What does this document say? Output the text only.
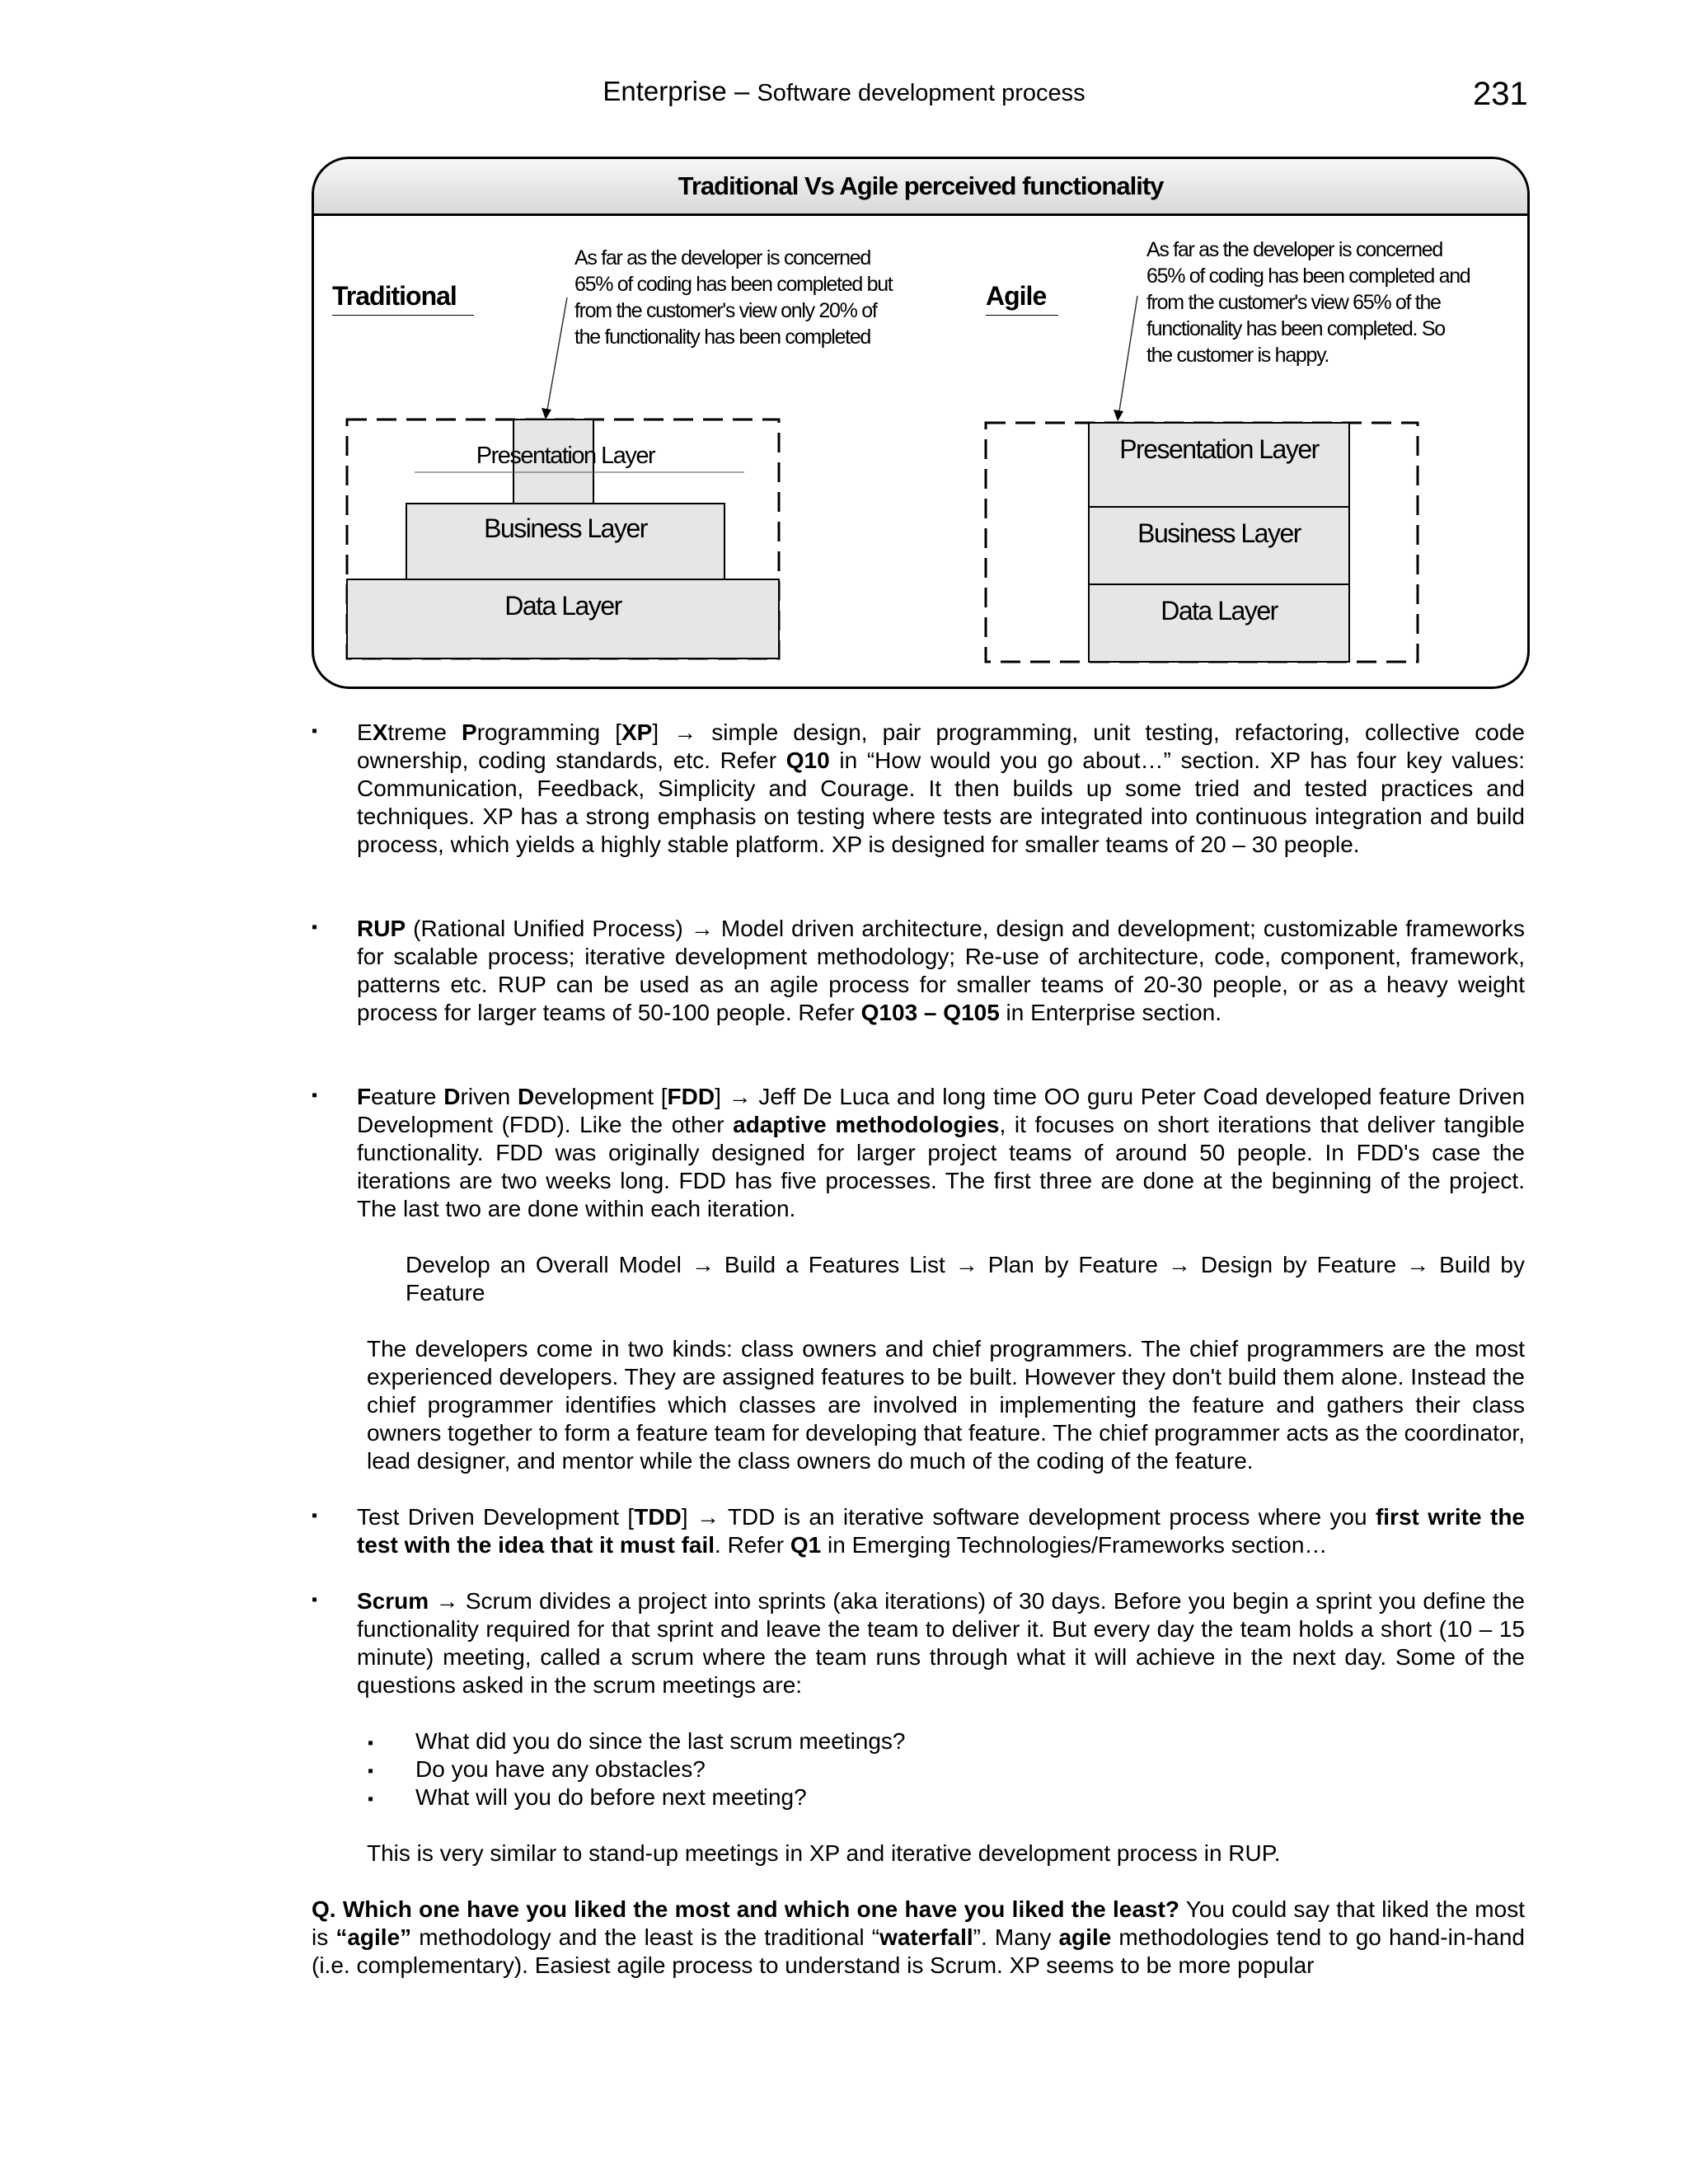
Enterprise – Software development process	231
Traditional Vs Agile perceived functionality
Traditional
As far as the developer is concerned
65% of coding has been completed but
from the customer's view only 20% of
the functionality has been completed
Presentation Layer
Business Layer
Data Layer
Agile
As far as the developer is concerned
65% of coding has been completed and
from the customer's view 65% of the
functionality has been completed. So
the customer is happy.
Presentation Layer
Business Layer
Data Layer
▪ EXtreme Programming [XP] → simple design, pair programming, unit testing, refactoring, collective code ownership, coding standards, etc. Refer Q10 in “How would you go about…” section. XP has four key values: Communication, Feedback, Simplicity and Courage. It then builds up some tried and tested practices and techniques. XP has a strong emphasis on testing where tests are integrated into continuous integration and build process, which yields a highly stable platform. XP is designed for smaller teams of 20 – 30 people.
▪ RUP (Rational Unified Process) → Model driven architecture, design and development; customizable frameworks for scalable process; iterative development methodology; Re-use of architecture, code, component, framework, patterns etc. RUP can be used as an agile process for smaller teams of 20-30 people, or as a heavy weight process for larger teams of 50-100 people. Refer Q103 – Q105 in Enterprise section.
▪ Feature Driven Development [FDD] → Jeff De Luca and long time OO guru Peter Coad developed feature Driven Development (FDD). Like the other adaptive methodologies, it focuses on short iterations that deliver tangible functionality. FDD was originally designed for larger project teams of around 50 people. In FDD's case the iterations are two weeks long. FDD has five processes. The first three are done at the beginning of the project. The last two are done within each iteration.
Develop an Overall Model → Build a Features List → Plan by Feature → Design by Feature → Build by Feature
The developers come in two kinds: class owners and chief programmers. The chief programmers are the most experienced developers. They are assigned features to be built. However they don't build them alone. Instead the chief programmer identifies which classes are involved in implementing the feature and gathers their class owners together to form a feature team for developing that feature. The chief programmer acts as the coordinator, lead designer, and mentor while the class owners do much of the coding of the feature.
▪ Test Driven Development [TDD] → TDD is an iterative software development process where you first write the test with the idea that it must fail. Refer Q1 in Emerging Technologies/Frameworks section…
▪ Scrum → Scrum divides a project into sprints (aka iterations) of 30 days. Before you begin a sprint you define the functionality required for that sprint and leave the team to deliver it. But every day the team holds a short (10 – 15 minute) meeting, called a scrum where the team runs through what it will achieve in the next day. Some of the questions asked in the scrum meetings are:
▪ What did you do since the last scrum meetings?
▪ Do you have any obstacles?
▪ What will you do before next meeting?
This is very similar to stand-up meetings in XP and iterative development process in RUP.
Q. Which one have you liked the most and which one have you liked the least? You could say that liked the most is “agile” methodology and the least is the traditional “waterfall”. Many agile methodologies tend to go hand-in-hand (i.e. complementary). Easiest agile process to understand is Scrum. XP seems to be more popular
